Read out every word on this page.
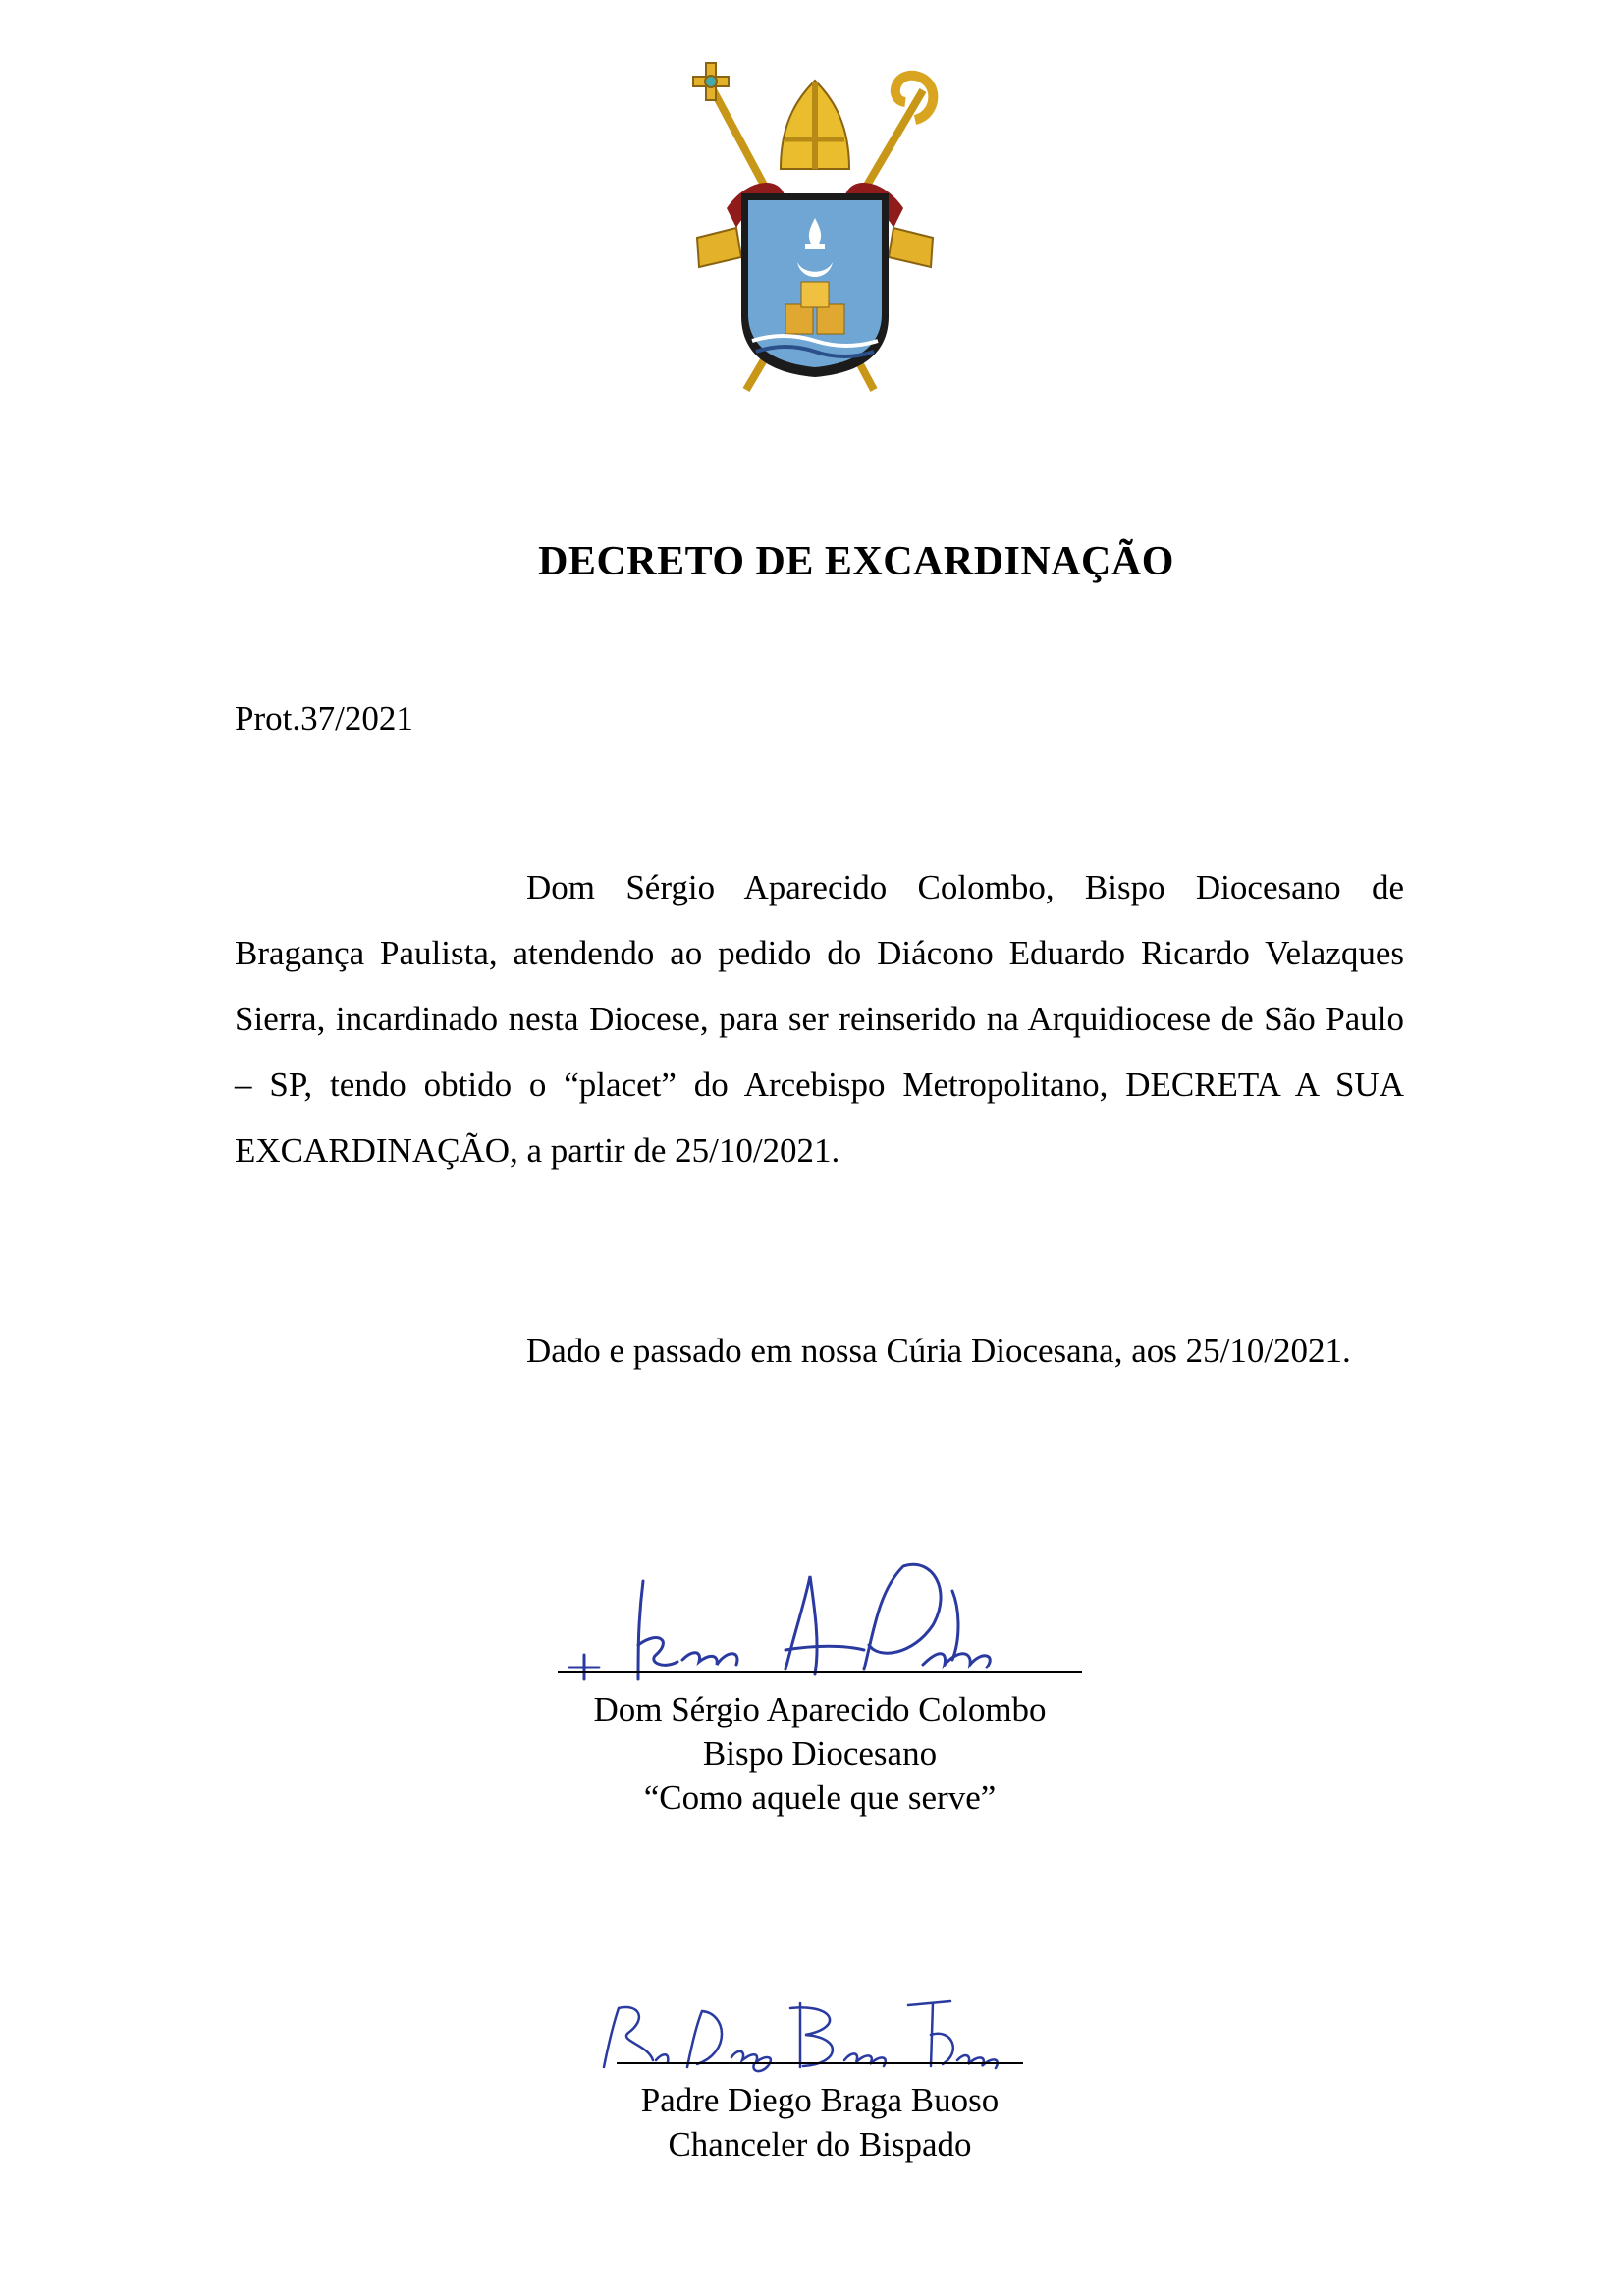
DECRETO DE EXCARDINAÇÃO
Prot.37/2021
Dom Sérgio Aparecido Colombo, Bispo Diocesano de Bragança Paulista, atendendo ao pedido do Diácono Eduardo Ricardo Velazques Sierra, incardinado nesta Diocese, para ser reinserido na Arquidiocese de São Paulo – SP, tendo obtido o “placet” do Arcebispo Metropolitano, DECRETA A SUA EXCARDINAÇÃO, a partir de 25/10/2021.
Dado e passado em nossa Cúria Diocesana, aos 25/10/2021.
Dom Sérgio Aparecido Colombo
Bispo Diocesano
“Como aquele que serve”
Padre Diego Braga Buoso
Chanceler do Bispado
